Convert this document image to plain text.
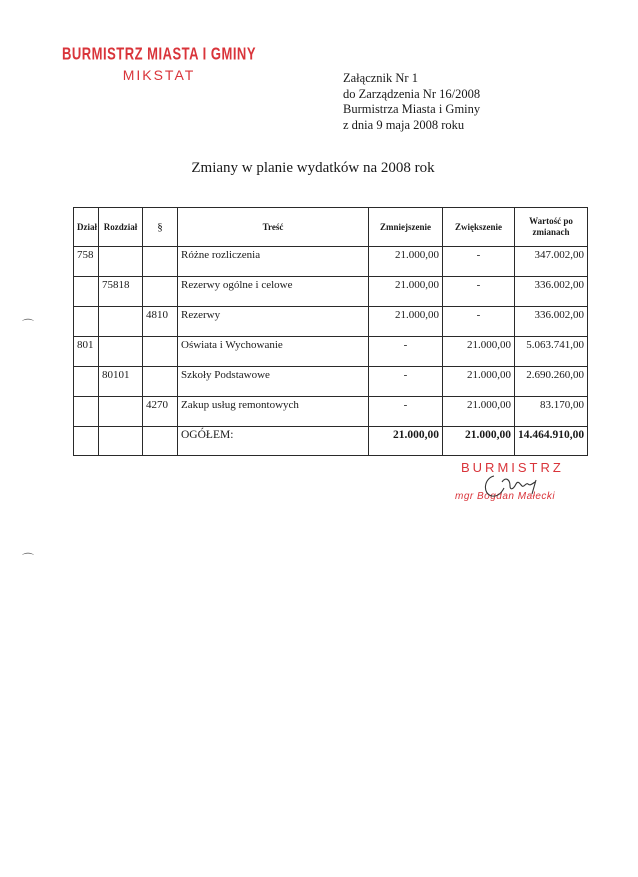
BURMISTRZ MIASTA I GMINY
MIKSTAT	Załącznik Nr 1
do Zarządzenia Nr 16/2008
Burmistrza Miasta i Gminy
z dnia 9 maja 2008 roku
Zmiany w planie wydatków na 2008 rok
Dział	Rozdział	§	Treść	Zmniejszenie	Zwiększenie	Wartość po zmianach
758			Różne rozliczenia	21.000,00	-	347.002,00
	75818		Rezerwy ogólne i celowe	21.000,00	-	336.002,00
		4810	Rezerwy	21.000,00	-	336.002,00
801			Oświata i Wychowanie	-	21.000,00	5.063.741,00
	80101		Szkoły Podstawowe	-	21.000,00	2.690.260,00
		4270	Zakup usług remontowych	-	21.000,00	83.170,00
			OGÓŁEM:	21.000,00	21.000,00	14.464.910,00
BURMISTRZ
mgr Bogdan Małecki
⌒
⌒
